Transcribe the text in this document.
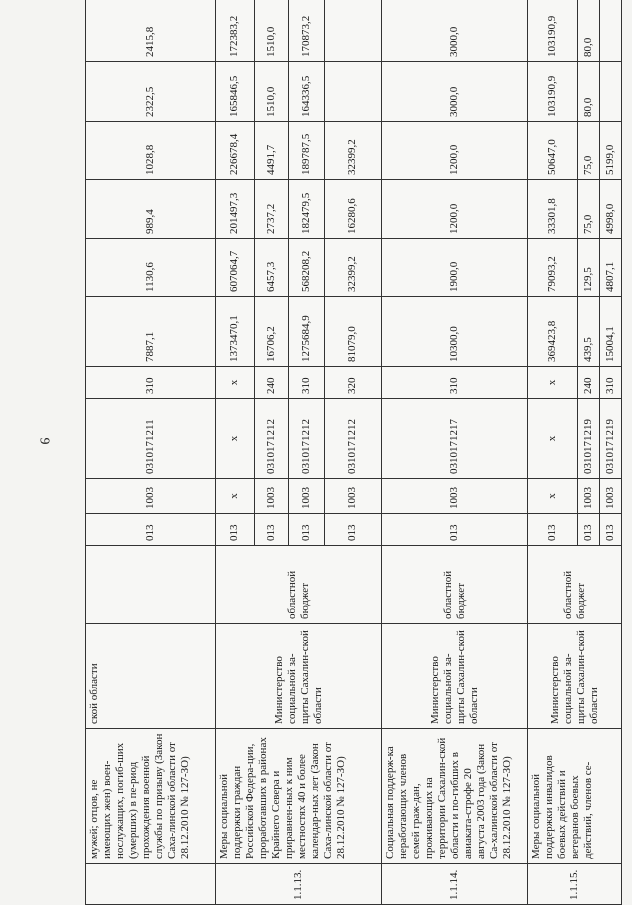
9
	мужей; отцов, не имеющих жен) воен-нослужащих, погиб-ших (умерших) в пе-риод прохождения военной службы по призыву (Закон Саха-линской области от 28.12.2010 № 127-ЗО)	ской области		013	1003	0310171211	310	7887,1	1130,6	989,4	1028,8	2322,5	2415,8
1.1.13.	Меры социальной поддержки граждан Российской Федера-ции, проработавших в районах Крайнего Севера и приравнен-ных к ним местностях 40 и более календар-ных лет (Закон Саха-линской области от 28.12.2010 № 127-ЗО)	Министерство социальной за-щиты Сахалин-ской области	областной бюджет	013	x	x	x	1373470,1	607064,7	201497,3	226678,4	165846,5	172383,2
				013	1003	0310171212	240	16706,2	6457,3	2737,2	4491,7	1510,0	1510,0
				013	1003	0310171212	310	1275684,9	568208,2	182479,5	189787,5	164336,5	170873,2
				013	1003	0310171212	320	81079,0	32399,2	16280,6	32399,2		
1.1.14.	Социальная поддерж-ка неработающих членов семей граж-дан, проживающих на территории Сахалин-ской области и по-гибших в авиаката-строфе 20 августа 2003 года (Закон Са-халинской области от 28.12.2010 № 127-ЗО)	Министерство социальной за-щиты Сахалин-ской области	областной бюджет	013	1003	0310171217	310	10300,0	1900,0	1200,0	1200,0	3000,0	3000,0
1.1.15.	Меры социальной поддержки инвалидов боевых действий и ветеранов боевых действий, членов се-	Министерство социальной за-щиты Сахалин-ской области	областной бюджет	013	x	x	x	369423,8	79093,2	33301,8	50647,0	103190,9	103190,9
				013	1003	0310171219	240	439,5	129,5	75,0	75,0	80,0	80,0
				013	1003	0310171219	310	15004,1	4807,1	4998,0	5199,0		
